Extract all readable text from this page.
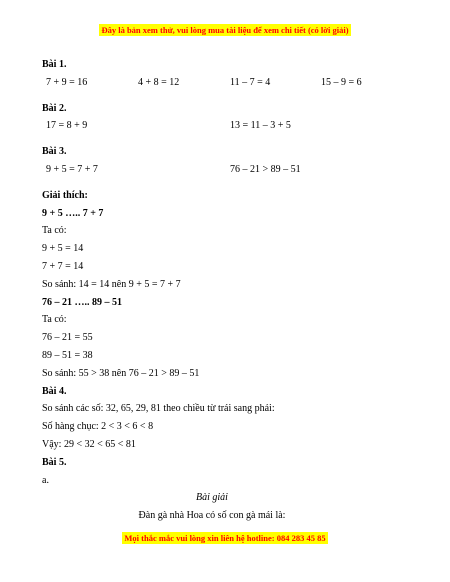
Đây là bản xem thử, vui lòng mua tài liệu để xem chi tiết (có lời giải)
Bài 1.
7 + 9 = 16	4 + 8 = 12	11 – 7 = 4	15 – 9 = 6
Bài 2.
17 = 8 + 9	13 = 11 – 3 + 5
Bài 3.
9 + 5 = 7 + 7	76 – 21 > 89 – 51
Giải thích:
9 + 5 ….. 7 + 7
Ta có:
9 + 5 = 14
7 + 7 = 14
So sánh: 14 = 14 nên 9 + 5 = 7 + 7
76 – 21 ….. 89 – 51
Ta có:
76 – 21 = 55
89 – 51 = 38
So sánh: 55 > 38 nên 76 – 21 > 89 – 51
Bài 4.
So sánh các số: 32, 65, 29, 81 theo chiều từ trái sang phải:
Số hàng chục: 2 < 3 < 6 < 8
Vậy: 29 < 32 < 65 < 81
Bài 5.
a.
Bài giải
Đàn gà nhà Hoa có số con gà mái là:
Mọi thắc mắc vui lòng xin liên hệ hotline: 084 283 45 85
